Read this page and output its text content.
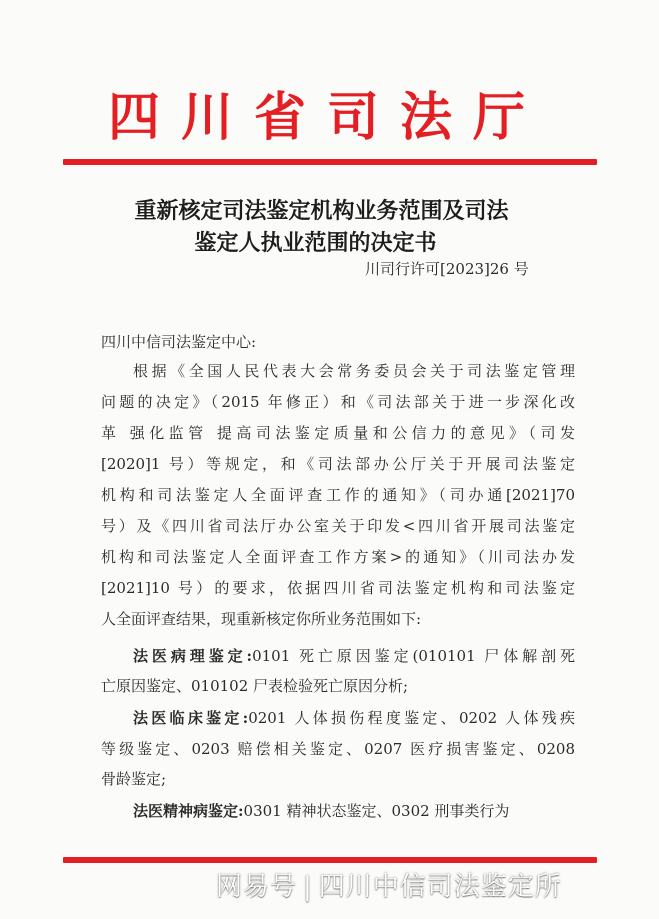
四川省司法厅
重新核定司法鉴定机构业务范围及司法
鉴定人执业范围的决定书
川司行许可[2023]26 号
四川中信司法鉴定中心:
根据《全国人民代表大会常务委员会关于司法鉴定管理
问题的决定》（2015 年修正）和《司法部关于进一步深化改
革 强化监管 提高司法鉴定质量和公信力的意见》（司发
[2020]1 号）等规定，和《司法部办公厅关于开展司法鉴定
机构和司法鉴定人全面评查工作的通知》（司办通[2021]70
号）及《四川省司法厅办公室关于印发<四川省开展司法鉴定
机构和司法鉴定人全面评查工作方案>的通知》（川司法办发
[2021]10 号）的要求，依据四川省司法鉴定机构和司法鉴定
人全面评查结果，现重新核定你所业务范围如下:
法医病理鉴定:0101 死亡原因鉴定(010101 尸体解剖死
亡原因鉴定、010102 尸表检验死亡原因分析;
法医临床鉴定:0201 人体损伤程度鉴定、0202 人体残疾
等级鉴定、0203 赔偿相关鉴定、0207 医疗损害鉴定、0208
骨龄鉴定;
法医精神病鉴定:0301 精神状态鉴定、0302 刑事类行为
网易号 | 四川中信司法鉴定所
